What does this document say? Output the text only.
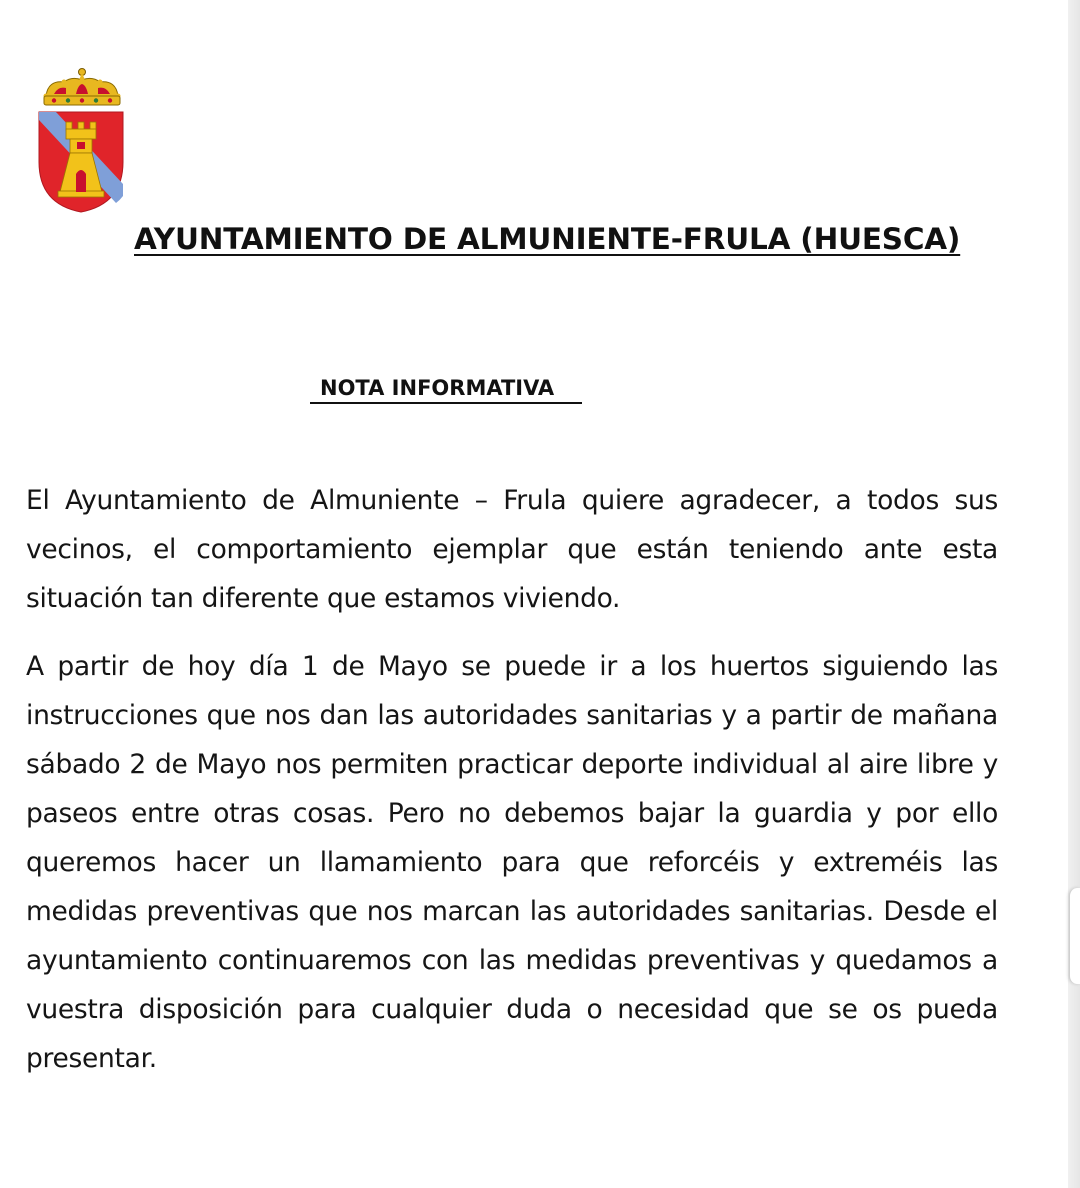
AYUNTAMIENTO DE ALMUNIENTE-FRULA (HUESCA)
NOTA INFORMATIVA

El Ayuntamiento de Almuniente – Frula quiere agradecer, a todos sus vecinos, el comportamiento ejemplar que están teniendo ante esta situación tan diferente que estamos viviendo.

A partir de hoy día 1 de Mayo se puede ir a los huertos siguiendo las instrucciones que nos dan las autoridades sanitarias y a partir de mañana sábado 2 de Mayo nos permiten practicar deporte individual al aire libre y paseos entre otras cosas. Pero no debemos bajar la guardia y por ello queremos hacer un llamamiento para que reforcéis y extreméis las medidas preventivas que nos marcan las autoridades sanitarias. Desde el ayuntamiento continuaremos con las medidas preventivas y quedamos a vuestra disposición para cualquier duda o necesidad que se os pueda presentar.
